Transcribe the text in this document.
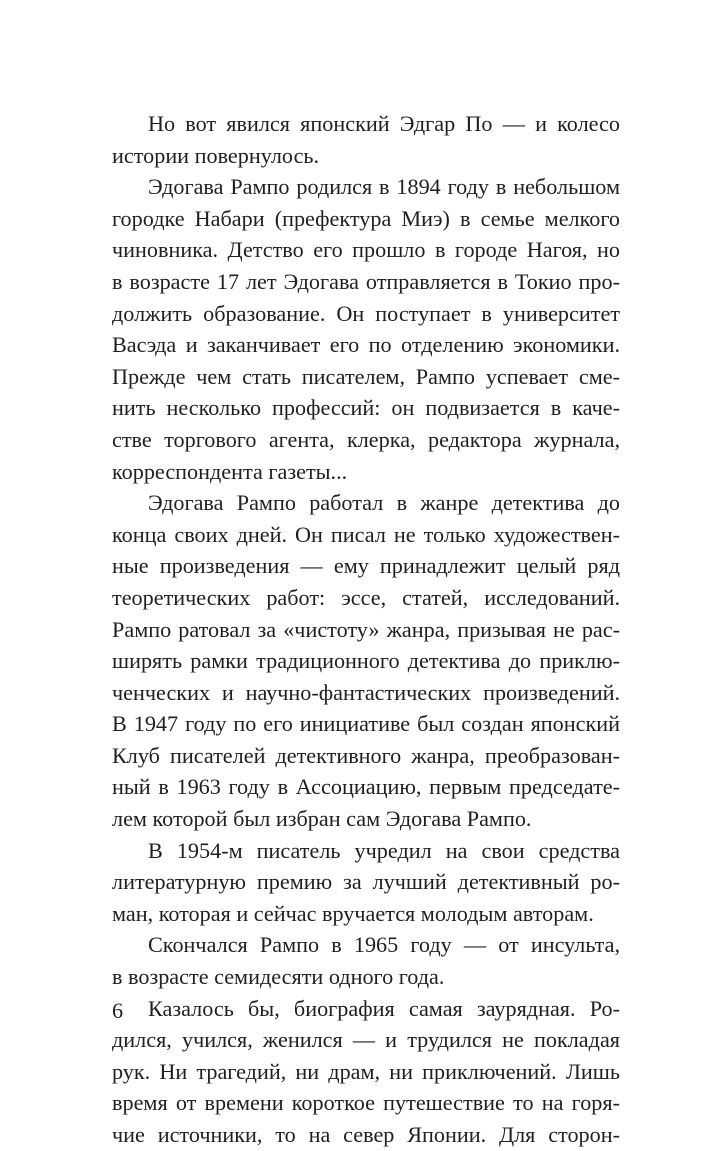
Но вот явился японский Эдгар По — и колесо
истории повернулось.

Эдогава Рампо родился в 1894 году в небольшом
городке Набари (префектура Миэ) в семье мелкого
чиновника. Детство его прошло в городе Нагоя, но
в возрасте 17 лет Эдогава отправляется в Токио про-
должить образование. Он поступает в университет
Васэда и заканчивает его по отделению экономики.
Прежде чем стать писателем, Рампо успевает сме-
нить несколько профессий: он подвизается в каче-
стве торгового агента, клерка, редактора журнала,
корреспондента газеты...

Эдогава Рампо работал в жанре детектива до
конца своих дней. Он писал не только художествен-
ные произведения — ему принадлежит целый ряд
теоретических работ: эссе, статей, исследований.
Рампо ратовал за «чистоту» жанра, призывая не рас-
ширять рамки традиционного детектива до приклю-
ченческих и научно-фантастических произведений.
В 1947 году по его инициативе был создан японский
Клуб писателей детективного жанра, преобразован-
ный в 1963 году в Ассоциацию, первым председате-
лем которой был избран сам Эдогава Рампо.

В 1954-м писатель учредил на свои средства
литературную премию за лучший детективный ро-
ман, которая и сейчас вручается молодым авторам.

Скончался Рампо в 1965 году — от инсульта,
в возрасте семидесяти одного года.

Казалось бы, биография самая заурядная. Ро-
дился, учился, женился — и трудился не покладая
рук. Ни трагедий, ни драм, ни приключений. Лишь
время от времени короткое путешествие то на горя-
чие источники, то на север Японии. Для сторон-

6
